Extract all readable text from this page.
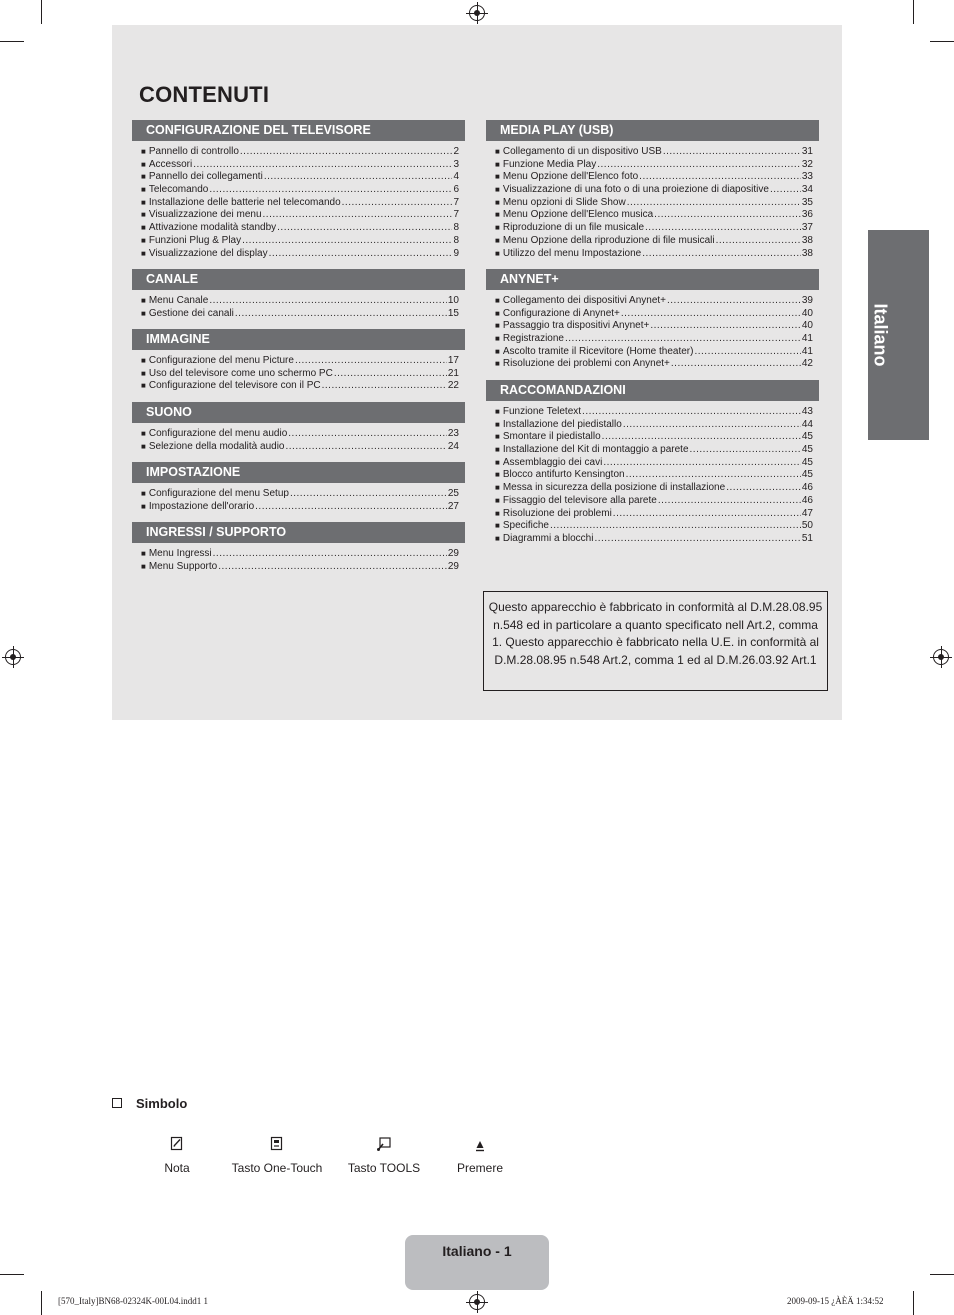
CONTENUTI
CONFIGURAZIONE DEL TELEVISORE
■ Pannello di controllo .....	2
■ Accessori .....	3
■ Pannello dei collegamenti .....	4
■ Telecomando .....	6
■ Installazione delle batterie nel telecomando .....	7
■ Visualizzazione dei menu .....	7
■ Attivazione modalità standby .....	8
■ Funzioni Plug & Play .....	8
■ Visualizzazione del display .....	9
CANALE
■ Menu Canale .....	10
■ Gestione dei canali .....	15
IMMAGINE
■ Configurazione del menu Picture .....	17
■ Uso del televisore come uno schermo PC .....	21
■ Configurazione del televisore con il PC .....	22
SUONO
■ Configurazione del menu audio .....	23
■ Selezione della modalità audio .....	24
IMPOSTAZIONE
■ Configurazione del menu Setup .....	25
■ Impostazione dell'orario .....	27
INGRESSI / SUPPORTO
■ Menu Ingressi .....	29
■ Menu Supporto .....	29
MEDIA PLAY (USB)
■ Collegamento di un dispositivo USB .....	31
■ Funzione Media Play .....	32
■ Menu Opzione dell'Elenco foto .....	33
■ Visualizzazione di una foto o di una proiezione di diapositive .....	34
■ Menu opzioni di Slide Show .....	35
■ Menu Opzione dell'Elenco musica .....	36
■ Riproduzione di un file musicale .....	37
■ Menu Opzione della riproduzione di file musicali .....	38
■ Utilizzo del menu Impostazione .....	38
ANYNET+
■ Collegamento dei dispositivi Anynet+ .....	39
■ Configurazione di Anynet+ .....	40
■ Passaggio tra dispositivi Anynet+ .....	40
■ Registrazione .....	41
■ Ascolto tramite il Ricevitore (Home theater) .....	41
■ Risoluzione dei problemi con Anynet+ .....	42
RACCOMANDAZIONI
■ Funzione Teletext .....	43
■ Installazione del piedistallo .....	44
■ Smontare il piedistallo .....	45
■ Installazione del Kit di montaggio a parete .....	45
■ Assemblaggio dei cavi .....	45
■ Blocco antifurto Kensington .....	45
■ Messa in sicurezza della posizione di installazione .....	46
■ Fissaggio del televisore alla parete .....	46
■ Risoluzione dei problemi .....	47
■ Specifiche .....	50
■ Diagrammi a blocchi .....	51
Questo apparecchio è fabbricato in conformità al D.M.28.08.95 n.548 ed in particolare a quanto specificato nell Art.2, comma 1. Questo apparecchio è fabbricato nella U.E. in conformità al D.M.28.08.95 n.548 Art.2, comma 1 ed al D.M.26.03.92 Art.1
Simbolo
Nota	Tasto One-Touch	Tasto TOOLS	Premere
Italiano
Italiano - 1
[570_Italy]BN68-02324K-00L04.indd1 1	2009-09-15 ¿ÀÈÄ 1:34:52
